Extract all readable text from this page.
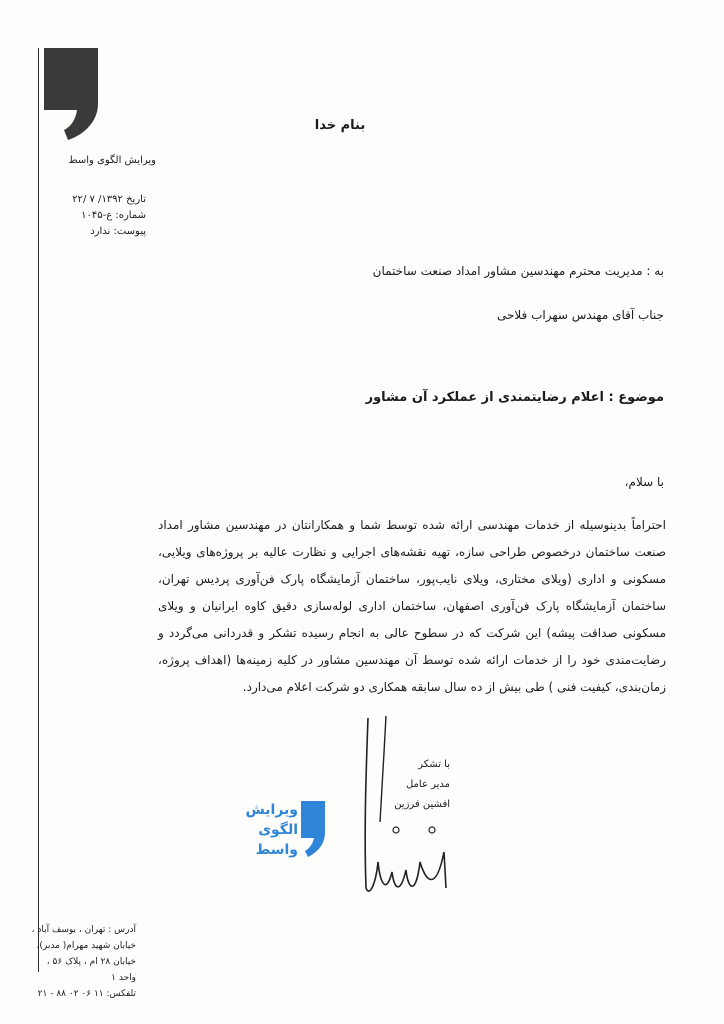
ویرایش الگوی واسط
تاریخ ۱۳۹۲/ ۷ /۲۲
شماره: ع-۱۰۴۵
پیوست: ندارد
بنام خدا
به : مدیریت محترم مهندسین مشاور امداد صنعت ساختمان
جناب آقای مهندس سهراب فلاحی
موضوع : اعلام رضایتمندی از عملکرد آن مشاور
با سلام،
احتراماً بدینوسیله از خدمات مهندسی ارائه شده توسط شما و همکارانتان در مهندسین مشاور امداد صنعت ساختمان درخصوص طراحی سازه، تهیه نقشه‌های اجرایی و نظارت عالیه بر پروژه‌های ویلایی، مسکونی و اداری (ویلای مختاری، ویلای نایب‌پور، ساختمان آزمایشگاه پارک فن‌آوری پردیس تهران، ساختمان آزمایشگاه پارک فن‌آوری اصفهان، ساختمان اداری لوله‌سازی دقیق کاوه ایرانیان و ویلای مسکونی صداقت پیشه) این شرکت که در سطوح عالی به انجام رسیده تشکر و قدردانی می‌گردد و رضایت‌مندی خود را از خدمات ارائه شده توسط آن مهندسین مشاور در کلیه زمینه‌ها (اهداف پروژه، زمان‌بندی، کیفیت فنی ) طی بیش از ده سال سابقه همکاری دو شرکت اعلام می‌دارد.
با تشکر
مدیر عامل
افشین فرزین
ویرایش
الگوی
واسط
آدرس : تهران ، یوسف آباد ،
خیابان شهید مهرام( مدبر)،
خیابان ۲۸ ام ، پلاک ۵۶ ،
واحد ۱
تلفکس: ۱۱ ۰۶ ۰۲ ۸۸ - ۲۱
